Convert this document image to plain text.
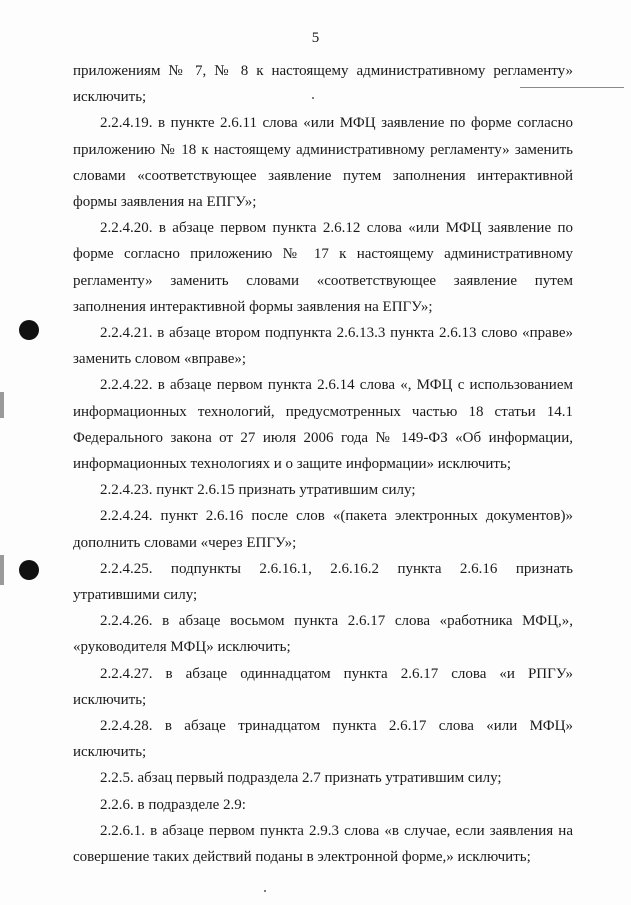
5

приложениям № 7, № 8 к настоящему административному регламенту» исключить;

2.2.4.19. в пункте 2.6.11 слова «или МФЦ заявление по форме согласно приложению № 18 к настоящему административному регламенту» заменить словами «соответствующее заявление путем заполнения интерактивной формы заявления на ЕПГУ»;

2.2.4.20. в абзаце первом пункта 2.6.12 слова «или МФЦ заявление по форме согласно приложению № 17 к настоящему административному регламенту» заменить словами «соответствующее заявление путем заполнения интерактивной формы заявления на ЕПГУ»;

2.2.4.21. в абзаце втором подпункта 2.6.13.3 пункта 2.6.13 слово «праве» заменить словом «вправе»;

2.2.4.22. в абзаце первом пункта 2.6.14 слова «, МФЦ с использованием информационных технологий, предусмотренных частью 18 статьи 14.1 Федерального закона от 27 июля 2006 года № 149-ФЗ «Об информации, информационных технологиях и о защите информации» исключить;

2.2.4.23. пункт 2.6.15 признать утратившим силу;

2.2.4.24. пункт 2.6.16 после слов «(пакета электронных документов)» дополнить словами «через ЕПГУ»;

2.2.4.25. подпункты 2.6.16.1, 2.6.16.2 пункта 2.6.16 признать утратившими силу;

2.2.4.26. в абзаце восьмом пункта 2.6.17 слова «работника МФЦ,», «руководителя МФЦ» исключить;

2.2.4.27. в абзаце одиннадцатом пункта 2.6.17 слова «и РПГУ» исключить;

2.2.4.28. в абзаце тринадцатом пункта 2.6.17 слова «или МФЦ» исключить;

2.2.5. абзац первый подраздела 2.7 признать утратившим силу;

2.2.6. в подразделе 2.9:

2.2.6.1. в абзаце первом пункта 2.9.3 слова «в случае, если заявления на совершение таких действий поданы в электронной форме,» исключить;
